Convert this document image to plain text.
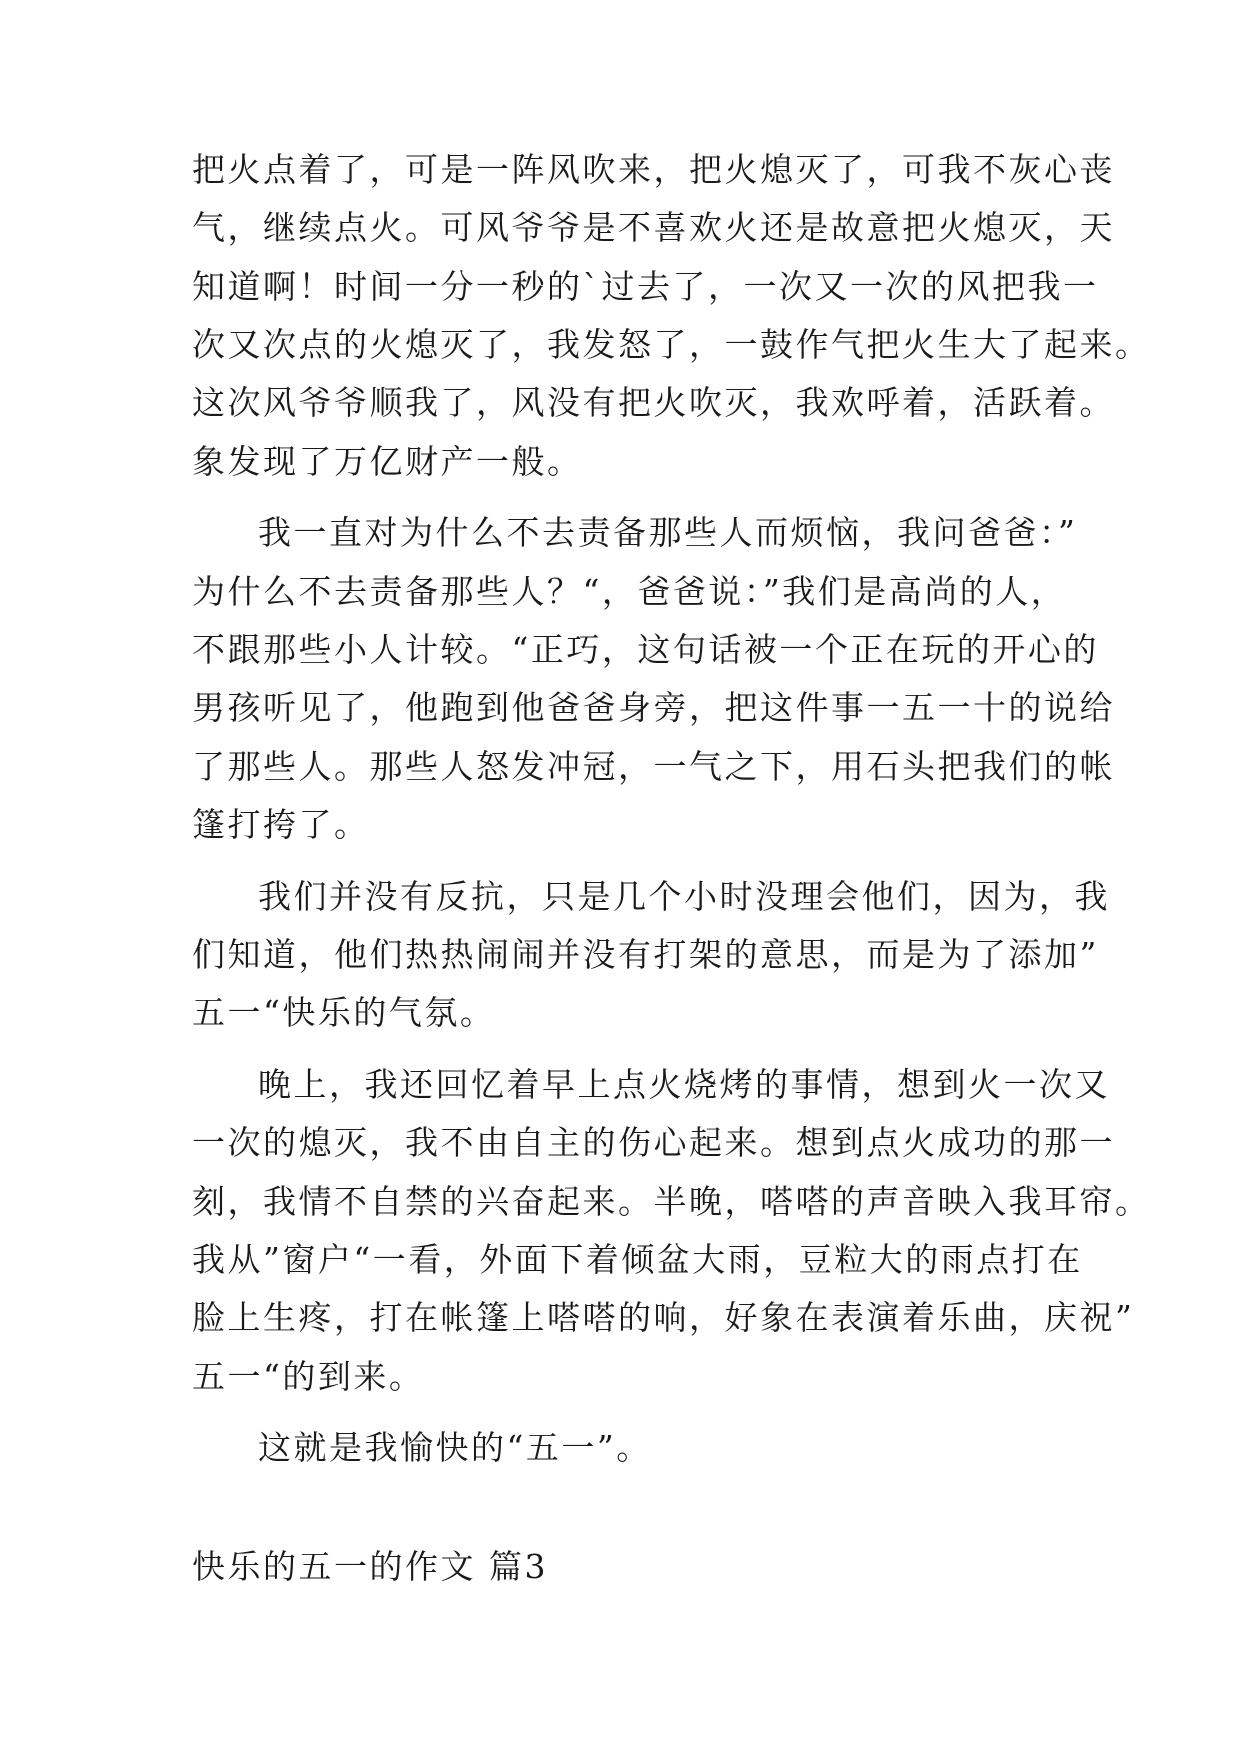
把火点着了，可是一阵风吹来，把火熄灭了，可我不灰心丧
气，继续点火。可风爷爷是不喜欢火还是故意把火熄灭，天
知道啊！时间一分一秒的`过去了，一次又一次的风把我一
次又次点的火熄灭了，我发怒了，一鼓作气把火生大了起来。
这次风爷爷顺我了，风没有把火吹灭，我欢呼着，活跃着。
象发现了万亿财产一般。
我一直对为什么不去责备那些人而烦恼，我问爸爸：”
为什么不去责备那些人？“，爸爸说：”我们是高尚的人，
不跟那些小人计较。“正巧，这句话被一个正在玩的开心的
男孩听见了，他跑到他爸爸身旁，把这件事一五一十的说给
了那些人。那些人怒发冲冠，一气之下，用石头把我们的帐
篷打挎了。
我们并没有反抗，只是几个小时没理会他们，因为，我
们知道，他们热热闹闹并没有打架的意思，而是为了添加”
五一“快乐的气氛。
晚上，我还回忆着早上点火烧烤的事情，想到火一次又
一次的熄灭，我不由自主的伤心起来。想到点火成功的那一
刻，我情不自禁的兴奋起来。半晚，嗒嗒的声音映入我耳帘。
我从”窗户“一看，外面下着倾盆大雨，豆粒大的雨点打在
脸上生疼，打在帐篷上嗒嗒的响，好象在表演着乐曲，庆祝”
五一“的到来。
这就是我愉快的“五一”。
快乐的五一的作文 篇3
